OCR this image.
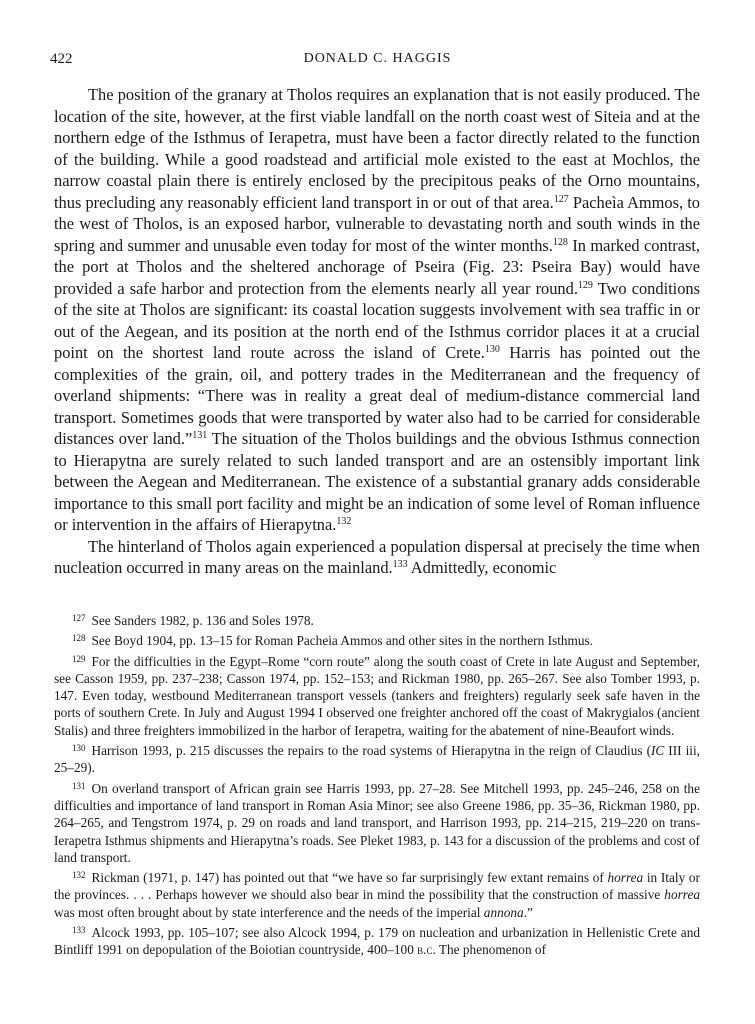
422	DONALD C. HAGGIS

The position of the granary at Tholos requires an explanation that is not easily produced. The location of the site, however, at the first viable landfall on the north coast west of Siteia and at the northern edge of the Isthmus of Ierapetra, must have been a factor directly related to the function of the building. While a good roadstead and artificial mole existed to the east at Mochlos, the narrow coastal plain there is entirely enclosed by the precipitous peaks of the Orno mountains, thus precluding any reasonably efficient land transport in or out of that area.$^{127}$ Pacheìa Ammos, to the west of Tholos, is an exposed harbor, vulnerable to devastating north and south winds in the spring and summer and unusable even today for most of the winter months.$^{128}$ In marked contrast, the port at Tholos and the sheltered anchorage of Pseira (Fig. 23: Pseira Bay) would have provided a safe harbor and protection from the elements nearly all year round.$^{129}$ Two conditions of the site at Tholos are significant: its coastal location suggests involvement with sea traffic in or out of the Aegean, and its position at the north end of the Isthmus corridor places it at a crucial point on the shortest land route across the island of Crete.$^{130}$ Harris has pointed out the complexities of the grain, oil, and pottery trades in the Mediterranean and the frequency of overland shipments: “There was in reality a great deal of medium-distance commercial land transport. Sometimes goods that were transported by water also had to be carried for considerable distances over land.”$^{131}$ The situation of the Tholos buildings and the obvious Isthmus connection to Hierapytna are surely related to such landed transport and are an ostensibly important link between the Aegean and Mediterranean. The existence of a substantial granary adds considerable importance to this small port facility and might be an indication of some level of Roman influence or intervention in the affairs of Hierapytna.$^{132}$

The hinterland of Tholos again experienced a population dispersal at precisely the time when nucleation occurred in many areas on the mainland.$^{133}$ Admittedly, economic

$^{127}$ See Sanders 1982, p. 136 and Soles 1978.

$^{128}$ See Boyd 1904, pp. 13–15 for Roman Pacheia Ammos and other sites in the northern Isthmus.

$^{129}$ For the difficulties in the Egypt–Rome “corn route” along the south coast of Crete in late August and September, see Casson 1959, pp. 237–238; Casson 1974, pp. 152–153; and Rickman 1980, pp. 265–267. See also Tomber 1993, p. 147. Even today, westbound Mediterranean transport vessels (tankers and freighters) regularly seek safe haven in the ports of southern Crete. In July and August 1994 I observed one freighter anchored off the coast of Makrygialos (ancient Stalis) and three freighters immobilized in the harbor of Ierapetra, waiting for the abatement of nine-Beaufort winds.

$^{130}$ Harrison 1993, p. 215 discusses the repairs to the road systems of Hierapytna in the reign of Claudius (IC III iii, 25–29).

$^{131}$ On overland transport of African grain see Harris 1993, pp. 27–28. See Mitchell 1993, pp. 245–246, 258 on the difficulties and importance of land transport in Roman Asia Minor; see also Greene 1986, pp. 35–36, Rickman 1980, pp. 264–265, and Tengstrom 1974, p. 29 on roads and land transport, and Harrison 1993, pp. 214–215, 219–220 on trans-Ierapetra Isthmus shipments and Hierapytna’s roads. See Pleket 1983, p. 143 for a discussion of the problems and cost of land transport.

$^{132}$ Rickman (1971, p. 147) has pointed out that “we have so far surprisingly few extant remains of horrea in Italy or the provinces. . . . Perhaps however we should also bear in mind the possibility that the construction of massive horrea was most often brought about by state interference and the needs of the imperial annona.”

$^{133}$ Alcock 1993, pp. 105–107; see also Alcock 1994, p. 179 on nucleation and urbanization in Hellenistic Crete and Bintliff 1991 on depopulation of the Boiotian countryside, 400–100 b.c. The phenomenon of
